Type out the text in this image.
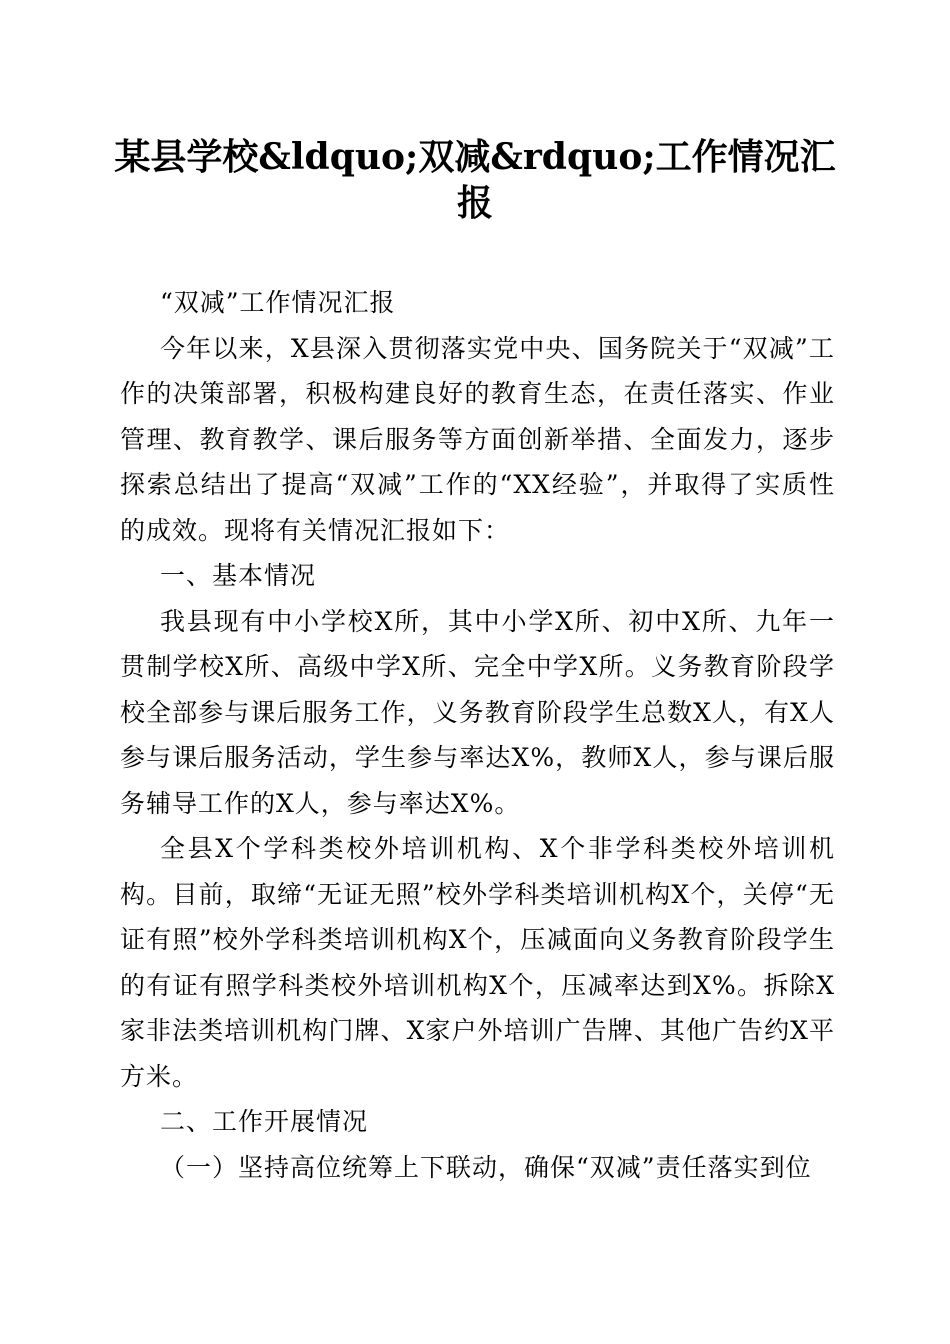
某县学校&ldquo;双减&rdquo;工作情况汇报

“双减”工作情况汇报

今年以来，X县深入贯彻落实党中央、国务院关于“双减”工作的决策部署，积极构建良好的教育生态，在责任落实、作业管理、教育教学、课后服务等方面创新举措、全面发力，逐步探索总结出了提高“双减”工作的“XX经验”，并取得了实质性的成效。现将有关情况汇报如下：

一、基本情况

我县现有中小学校X所，其中小学X所、初中X所、九年一贯制学校X所、高级中学X所、完全中学X所。义务教育阶段学校全部参与课后服务工作，义务教育阶段学生总数X人，有X人参与课后服务活动，学生参与率达X%，教师X人，参与课后服务辅导工作的X人，参与率达X%。

全县X个学科类校外培训机构、X个非学科类校外培训机构。目前，取缔“无证无照”校外学科类培训机构X个，关停“无证有照”校外学科类培训机构X个，压减面向义务教育阶段学生的有证有照学科类校外培训机构X个，压减率达到X%。拆除X家非法类培训机构门牌、X家户外培训广告牌、其他广告约X平方米。

二、工作开展情况

（一）坚持高位统筹上下联动，确保“双减”责任落实到位
